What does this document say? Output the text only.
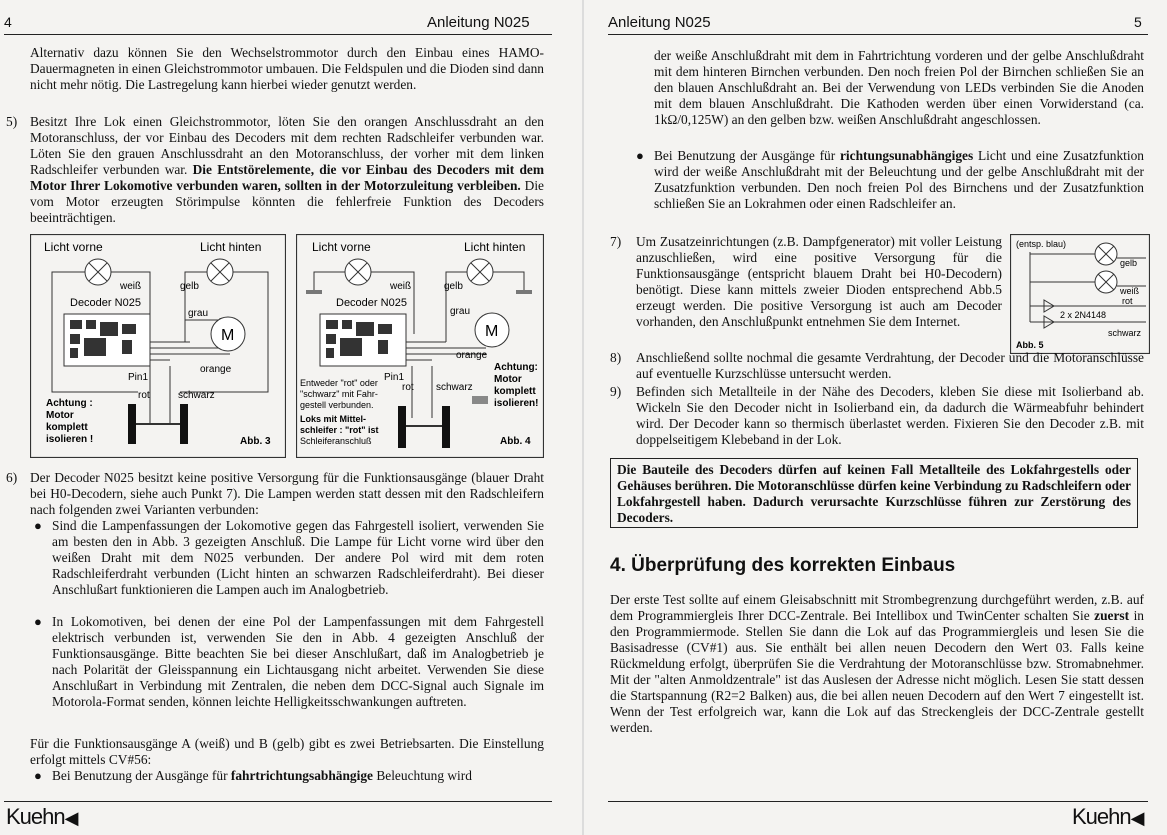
4	Anleitung N025

Alternativ dazu können Sie den Wechselstrommotor durch den Einbau eines HAMO-Dauermagneten in einen Gleichstrommotor umbauen. Die Feldspulen und die Dioden sind dann nicht mehr nötig. Die Lastregelung kann hierbei wieder genutzt werden.

5) Besitzt Ihre Lok einen Gleichstrommotor, löten Sie den orangen Anschlussdraht an den Motoranschluss, der vor Einbau des Decoders mit dem rechten Radschleifer verbunden war. Löten Sie den grauen Anschlussdraht an den Motoranschluss, der vorher mit dem linken Radschleifer verbunden war. Die Entstörelemente, die vor Einbau des Decoders mit dem Motor Ihrer Lokomotive verbunden waren, sollten in der Motorzuleitung verbleiben. Die vom Motor erzeugten Störimpulse könnten die fehlerfreie Funktion des Decoders beeinträchtigen.

Licht vorne	Licht hinten
weiß	gelb
Decoder N025
grau
M
orange
Pin1
rot	schwarz
Achtung :
Motor
komplett
isolieren !	Abb. 3
Licht vorne	Licht hinten
weiß	gelb
Decoder N025
grau
M
orange
Pin1
rot schwarz
Entweder "rot" oder
"schwarz" mit Fahr-
gestell verbunden.
Loks mit Mittel-
schleifer : "rot" ist
Schleiferanschluß
Achtung:
Motor
komplett
isolieren!
Abb. 4
6) Der Decoder N025 besitzt keine positive Versorgung für die Funktionsausgänge (blauer Draht bei H0-Decodern, siehe auch Punkt 7). Die Lampen werden statt dessen mit den Radschleifern nach folgenden zwei Varianten verbunden:

● Sind die Lampenfassungen der Lokomotive gegen das Fahrgestell isoliert, verwenden Sie am besten den in Abb. 3 gezeigten Anschluß. Die Lampe für Licht vorne wird über den weißen Draht mit dem N025 verbunden. Der andere Pol wird mit dem roten Radschleiferdraht verbunden (Licht hinten an schwarzen Radschleiferdraht). Bei dieser Anschlußart funktionieren die Lampen auch im Analogbetrieb.

● In Lokomotiven, bei denen der eine Pol der Lampenfassungen mit dem Fahrgestell elektrisch verbunden ist, verwenden Sie den in Abb. 4 gezeigten Anschluß der Funktionsausgänge. Bitte beachten Sie bei dieser Anschlußart, daß im Analogbetrieb je nach Polarität der Gleisspannung ein Lichtausgang nicht arbeitet. Verwenden Sie diese Anschlußart in Verbindung mit Zentralen, die neben dem DCC-Signal auch Signale im Motorola-Format senden, können leichte Helligkeitsschwankungen auftreten.

Für die Funktionsausgänge A (weiß) und B (gelb) gibt es zwei Betriebsarten. Die Einstellung erfolgt mittels CV#56:

● Bei Benutzung der Ausgänge für fahrtrichtungsabhängige Beleuchtung wird

Kuehn◀
Anleitung N025	5

der weiße Anschlußdraht mit dem in Fahrtrichtung vorderen und der gelbe Anschlußdraht mit dem hinteren Birnchen verbunden. Den noch freien Pol der Birnchen schließen Sie an den blauen Anschlußdraht an. Bei der Verwendung von LEDs verbinden Sie die Anoden mit dem blauen Anschlußdraht. Die Kathoden werden über einen Vorwiderstand (ca. 1kΩ/0,125W) an den gelben bzw. weißen Anschlußdraht angeschlossen.

● Bei Benutzung der Ausgänge für richtungsunabhängiges Licht und eine Zusatzfunktion wird der weiße Anschlußdraht mit der Beleuchtung und der gelbe Anschlußdraht mit der Zusatzfunktion verbunden. Den noch freien Pol des Birnchens und der Zusatzfunktion schließen Sie an Lokrahmen oder einen Radschleifer an.

7) Um Zusatzeinrichtungen (z.B. Dampfgenerator) mit voller Leistung anzuschließen, wird eine positive Versorgung für die Funktionsausgänge (entspricht blauem Draht bei H0-Decodern) benötigt. Diese kann mittels zweier Dioden entsprechend Abb.5 erzeugt werden. Die positive Versorgung ist auch am Decoder vorhanden, den Anschlußpunkt entnehmen Sie dem Internet.

(entsp. blau)
gelb
weiß
rot
2 x 2N4148
schwarz
Abb. 5
8) Anschließend sollte nochmal die gesamte Verdrahtung, der Decoder und die Motoranschlüsse auf eventuelle Kurzschlüsse untersucht werden.

9) Befinden sich Metallteile in der Nähe des Decoders, kleben Sie diese mit Isolierband ab. Wickeln Sie den Decoder nicht in Isolierband ein, da dadurch die Wärmeabfuhr behindert wird. Der Decoder kann so thermisch überlastet werden. Fixieren Sie den Decoder z.B. mit doppelseitigem Klebeband in der Lok.

Die Bauteile des Decoders dürfen auf keinen Fall Metallteile des Lokfahrgestells oder Gehäuses berühren. Die Motoranschlüsse dürfen keine Verbindung zu Radschleifern oder Lokfahrgestell haben. Dadurch verursachte Kurzschlüsse führen zur Zerstörung des Decoders.
4. Überprüfung des korrekten Einbaus

Der erste Test sollte auf einem Gleisabschnitt mit Strombegrenzung durchgeführt werden, z.B. auf dem Programmiergleis Ihrer DCC-Zentrale. Bei Intellibox und TwinCenter schalten Sie zuerst in den Programmiermode. Stellen Sie dann die Lok auf das Programmiergleis und lesen Sie die Basisadresse (CV#1) aus. Sie enthält bei allen neuen Decodern den Wert 03. Falls keine Rückmeldung erfolgt, überprüfen Sie die Verdrahtung der Motoranschlüsse bzw. Stromabnehmer. Mit der "alten Anmoldzentrale" ist das Auslesen der Adresse nicht möglich. Lesen Sie statt dessen die Startspannung (R2=2 Balken) aus, die bei allen neuen Decodern auf den Wert 7 eingestellt ist. Wenn der Test erfolgreich war, kann die Lok auf das Streckengleis der DCC-Zentrale gestellt werden.

Kuehn◀
